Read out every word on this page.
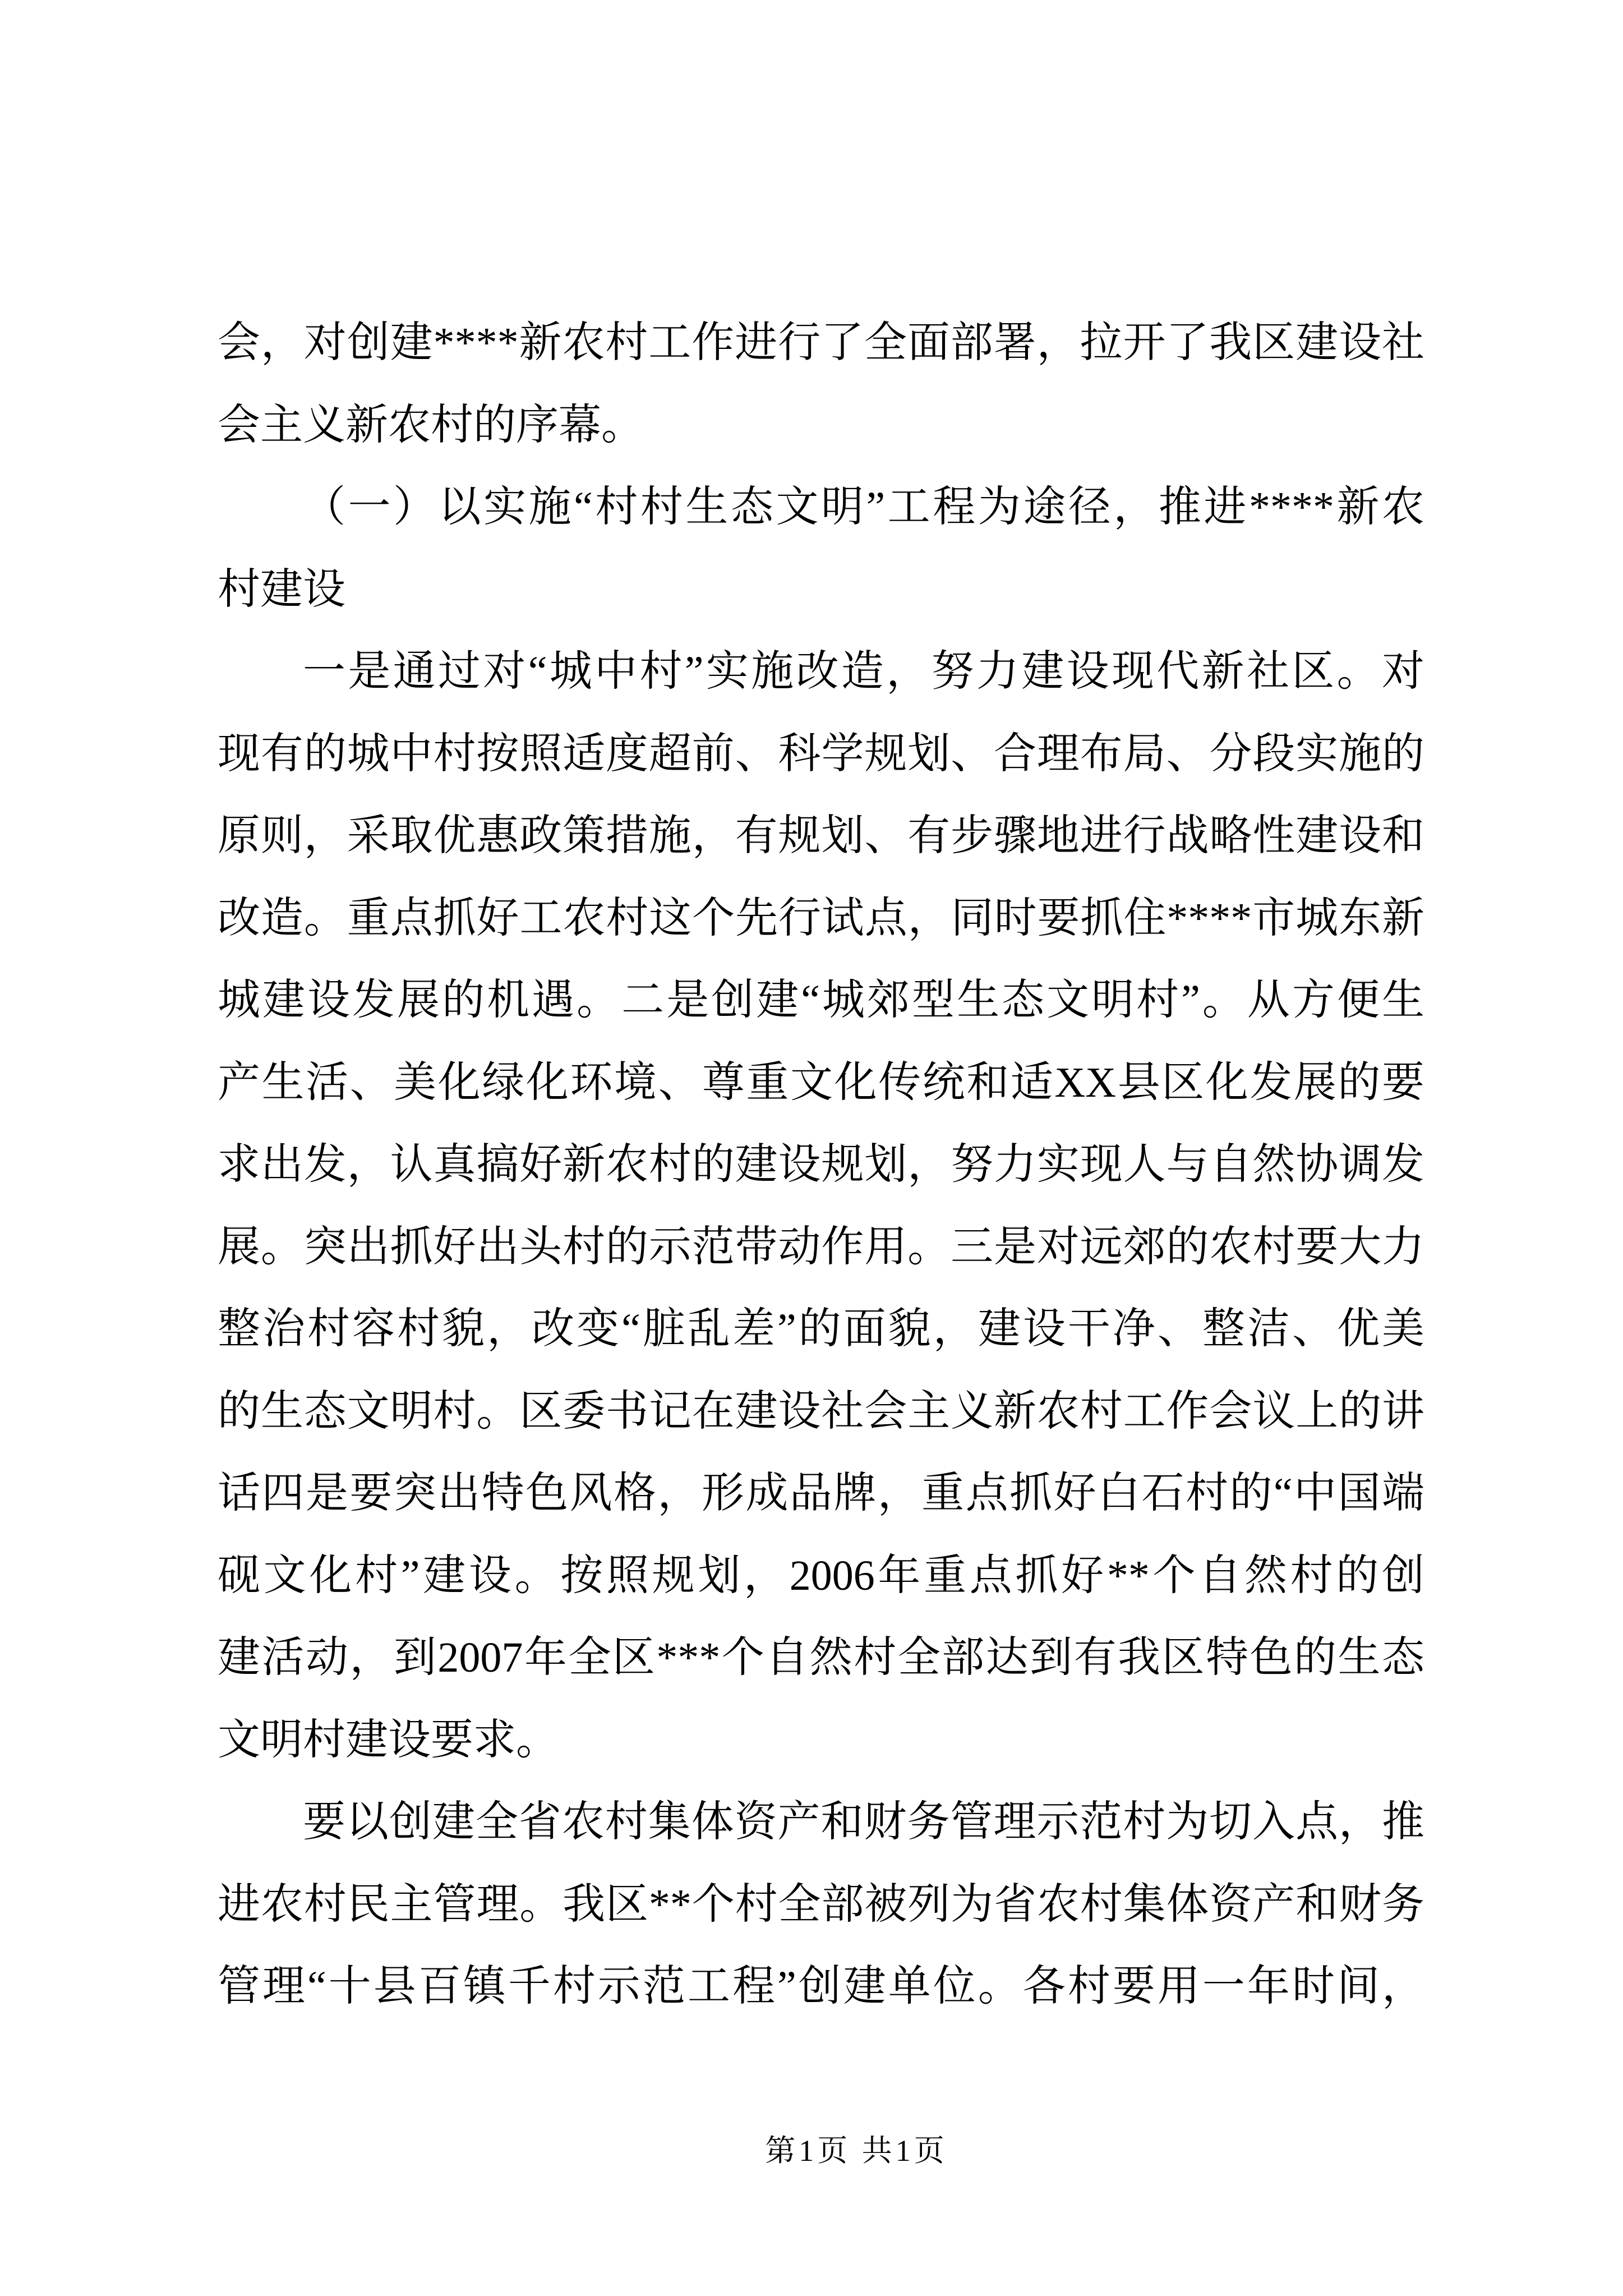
会，对创建****新农村工作进行了全面部署，拉开了我区建设社
会主义新农村的序幕。
（一）以实施“村村生态文明”工程为途径，推进****新农
村建设
一是通过对“城中村”实施改造，努力建设现代新社区。对
现有的城中村按照适度超前、科学规划、合理布局、分段实施的
原则，采取优惠政策措施，有规划、有步骤地进行战略性建设和
改造。重点抓好工农村这个先行试点，同时要抓住****市城东新
城建设发展的机遇。二是创建“城郊型生态文明村”。从方便生
产生活、美化绿化环境、尊重文化传统和适XX县区化发展的要
求出发，认真搞好新农村的建设规划，努力实现人与自然协调发
展。突出抓好出头村的示范带动作用。三是对远郊的农村要大力
整治村容村貌，改变“脏乱差”的面貌，建设干净、整洁、优美
的生态文明村。区委书记在建设社会主义新农村工作会议上的讲
话四是要突出特色风格，形成品牌，重点抓好白石村的“中国端
砚文化村”建设。按照规划，2006年重点抓好**个自然村的创
建活动，到2007年全区***个自然村全部达到有我区特色的生态
文明村建设要求。
要以创建全省农村集体资产和财务管理示范村为切入点，推
进农村民主管理。我区**个村全部被列为省农村集体资产和财务
管理“十县百镇千村示范工程”创建单位。各村要用一年时间，
第1页 共1页
